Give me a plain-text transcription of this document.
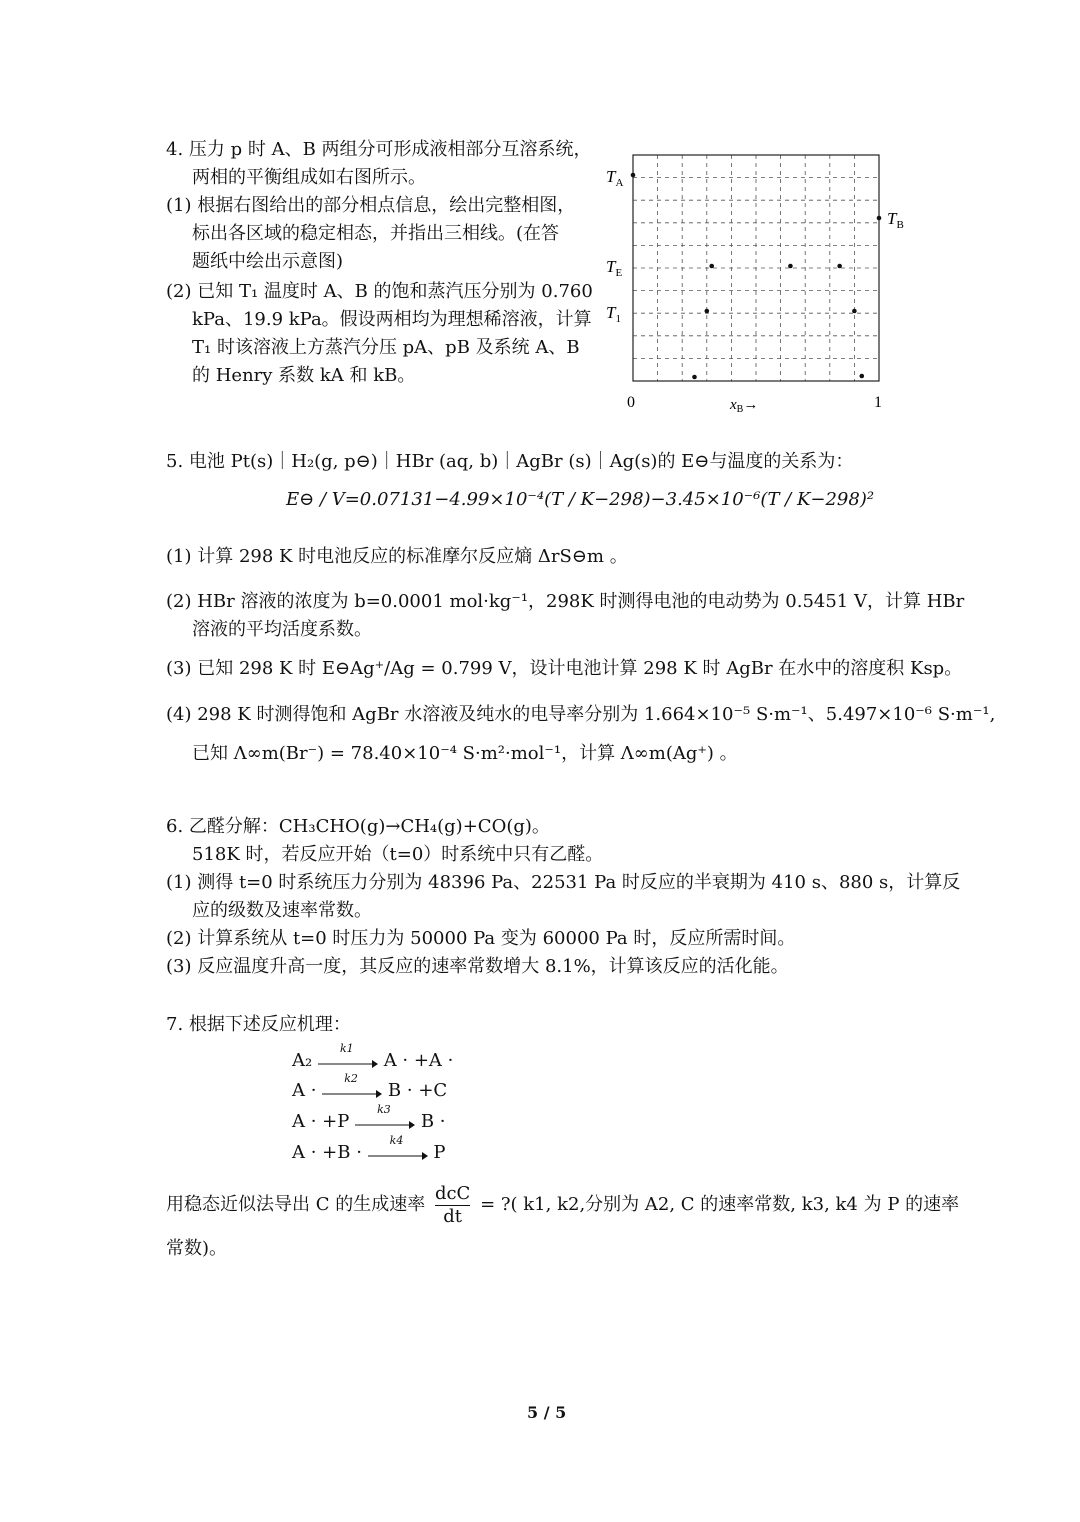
4. 压力 p 时 A、B 两组分可形成液相部分互溶系统，
两相的平衡组成如右图所示。
(1) 根据右图给出的部分相点信息，绘出完整相图，
标出各区域的稳定相态，并指出三相线。(在答
题纸中绘出示意图)
(2) 已知 T₁ 温度时 A、B 的饱和蒸汽压分别为 0.760
kPa、19.9 kPa。假设两相均为理想稀溶液，计算
T₁ 时该溶液上方蒸汽分压 pA、pB 及系统 A、B
的 Henry 系数 kA 和 kB。
$T_A$
$T_B$
$T_E$
$T_1$
0	1
$x_B\to$
5. 电池 Pt(s)｜H₂(g, p⊖)｜HBr (aq, b)｜AgBr (s)｜Ag(s)的 E⊖与温度的关系为：
E⊖ / V=0.07131−4.99×10⁻⁴(T / K−298)−3.45×10⁻⁶(T / K−298)²
(1) 计算 298 K 时电池反应的标准摩尔反应熵 ΔrS⊖m 。
(2) HBr 溶液的浓度为 b=0.0001 mol·kg⁻¹，298K 时测得电池的电动势为 0.5451 V，计算 HBr
溶液的平均活度系数。
(3) 已知 298 K 时 E⊖Ag⁺/Ag = 0.799 V，设计电池计算 298 K 时 AgBr 在水中的溶度积 Ksp。
(4) 298 K 时测得饱和 AgBr 水溶液及纯水的电导率分别为 1.664×10⁻⁵ S·m⁻¹、5.497×10⁻⁶ S·m⁻¹,
已知 Λ∞m(Br⁻) = 78.40×10⁻⁴ S·m²·mol⁻¹，计算 Λ∞m(Ag⁺) 。
6. 乙醛分解：CH₃CHO(g)→CH₄(g)+CO(g)。
518K 时，若反应开始（t=0）时系统中只有乙醛。
(1) 测得 t=0 时系统压力分别为 48396 Pa、22531 Pa 时反应的半衰期为 410 s、880 s，计算反
应的级数及速率常数。
(2) 计算系统从 t=0 时压力为 50000 Pa 变为 60000 Pa 时，反应所需时间。
(3) 反应温度升高一度，其反应的速率常数增大 8.1%，计算该反应的活化能。
7. 根据下述反应机理：
A₂
k1
A · +A ·
A ·
k2
B · +C
A · +P
k3
B ·
A · +B ·
k4
P
用稳态近似法导出 C 的生成速率 $\frac{\text{dcC}}{dt}$ = ?( k1, k2,分别为 A2, C 的速率常数, k3, k4 为 P 的速率
常数)。
5 / 5
